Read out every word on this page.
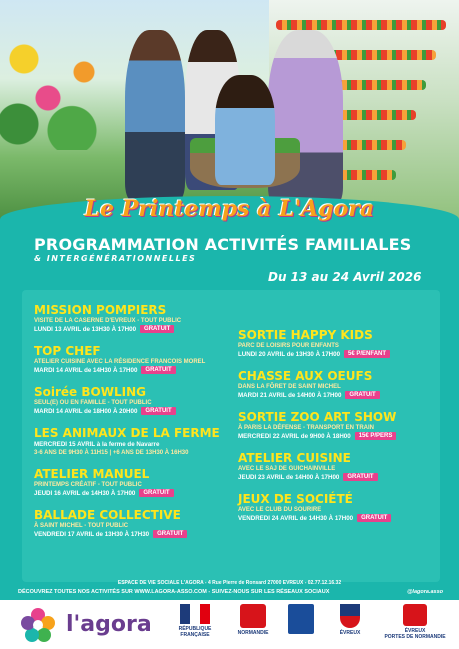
Le Printemps à L'Agora
PROGRAMMATION ACTIVITÉS FAMILIALES
& INTERGÉNÉRATIONNELLES
Du 13 au 24 Avril 2026
MISSION POMPIERS
VISITE DE LA CASERNE D'EVREUX - TOUT PUBLIC
LUNDI 13 AVRIL de 13H30 À 17H00 GRATUIT
TOP CHEF
ATELIER CUISINE AVEC LA RÉSIDENCE FRANCOIS MOREL
MARDI 14 AVRIL de 14H30 À 17H00 GRATUIT
Soirée BOWLING
SEUL(E) OU EN FAMILLE - TOUT PUBLIC
MARDI 14 AVRIL de 18H00 À 20H00 GRATUIT
LES ANIMAUX DE LA FERME
MERCREDI 15 AVRIL à la ferme de Navarre
3-6 ANS DE 9H30 À 11H15 | +6 ANS DE 13H30 À 16H30
ATELIER MANUEL
PRINTEMPS CRÉATIF - TOUT PUBLIC
JEUDI 16 AVRIL de 14H30 À 17H00 GRATUIT
BALLADE COLLECTIVE
À SAINT MICHEL - TOUT PUBLIC
VENDREDI 17 AVRIL de 13H30 À 17H30 GRATUIT
SORTIE HAPPY KIDS
PARC DE LOISIRS POUR ENFANTS
LUNDI 20 AVRIL de 13H30 À 17H00 5€ P/ENFANT
CHASSE AUX OEUFS
DANS LA FÔRET DE SAINT MICHEL
MARDI 21 AVRIL de 14H00 À 17H00 GRATUIT
SORTIE ZOO ART SHOW
À PARIS LA DÉFENSE - TRANSPORT EN TRAIN
MERCREDI 22 AVRIL de 9H00 À 18H00 15€ P/PERS
ATELIER CUISINE
AVEC LE SAJ DE GUICHAINVILLE
JEUDI 23 AVRIL de 14H00 À 17H00 GRATUIT
JEUX DE SOCIÉTÉ
AVEC LE CLUB DU SOURIRE
VENDREDI 24 AVRIL de 14H30 À 17H00 GRATUIT
ESPACE DE VIE SOCIALE L'AGORA - 4 Rue Pierre de Ronsard 27000 EVREUX - 02.77.12.16.32
DÉCOUVREZ TOUTES NOS ACTIVITÉS SUR WWW.LAGORA-ASSO.COM - SUIVEZ-NOUS SUR LES RÉSEAUX SOCIAUX	@lagora.asso
l'agora	RÉPUBLIQUE FRANÇAISE	NORMANDIE	ÉVREUX	ÉVREUX
PORTES DE NORMANDIE
